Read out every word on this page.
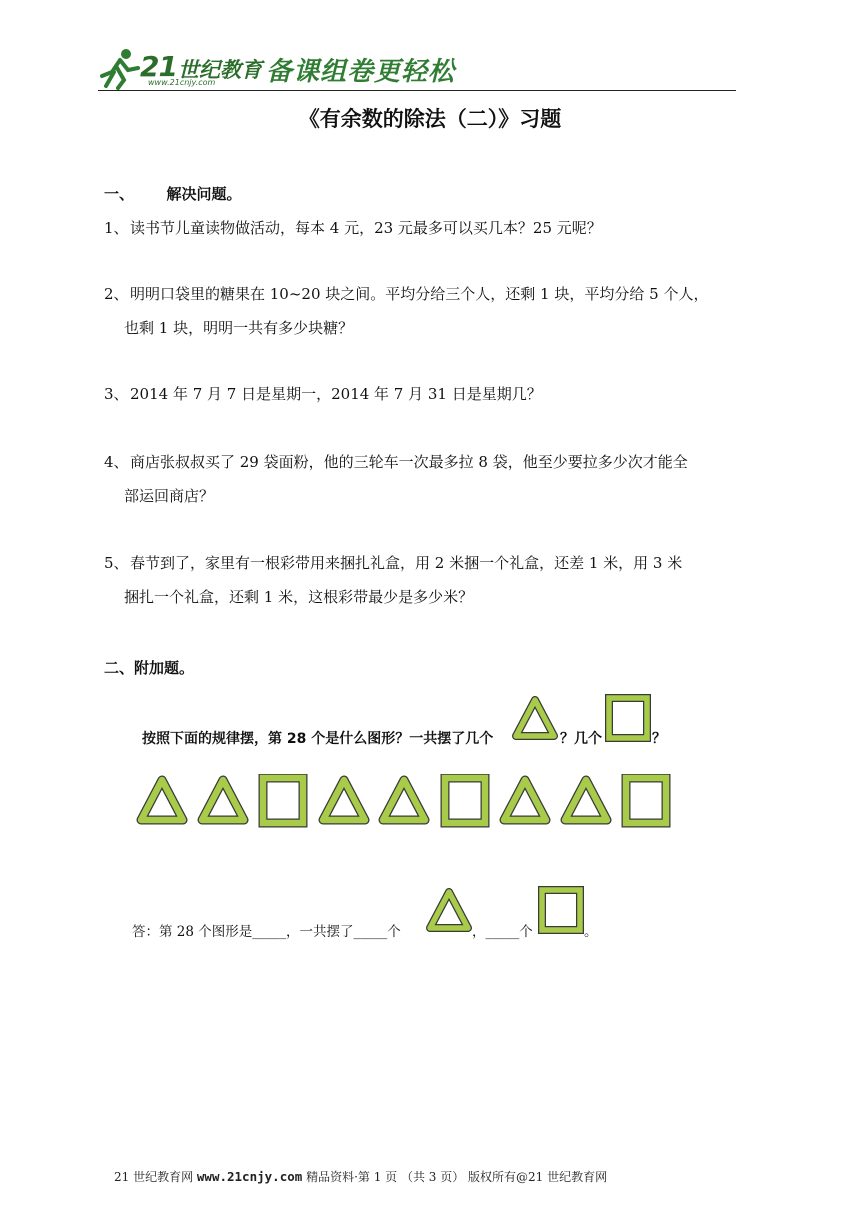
21 世纪教育
www.21cnjy.com 备课组卷更轻松
《有余数的除法（二）》习题
一、 解决问题。
1、读书节儿童读物做活动，每本 4 元，23 元最多可以买几本？25 元呢？
2、明明口袋里的糖果在 10~20 块之间。平均分给三个人，还剩 1 块，平均分给 5 个人，
也剩 1 块，明明一共有多少块糖？
3、2014 年 7 月 7 日是星期一，2014 年 7 月 31 日是星期几？
4、商店张叔叔买了 29 袋面粉，他的三轮车一次最多拉 8 袋，他至少要拉多少次才能全
部运回商店？
5、春节到了，家里有一根彩带用来捆扎礼盒，用 2 米捆一个礼盒，还差 1 米，用 3 米
捆扎一个礼盒，还剩 1 米，这根彩带最少是多少米？
二、附加题。
按照下面的规律摆，第 28 个是什么图形？一共摆了几个	？几个	？
答：第 28 个图形是_____，一共摆了_____个	，_____个	。
21 世纪教育网 www.21cnjy.com 精品资料·第 1 页 （共 3 页） 版权所有@21 世纪教育网
